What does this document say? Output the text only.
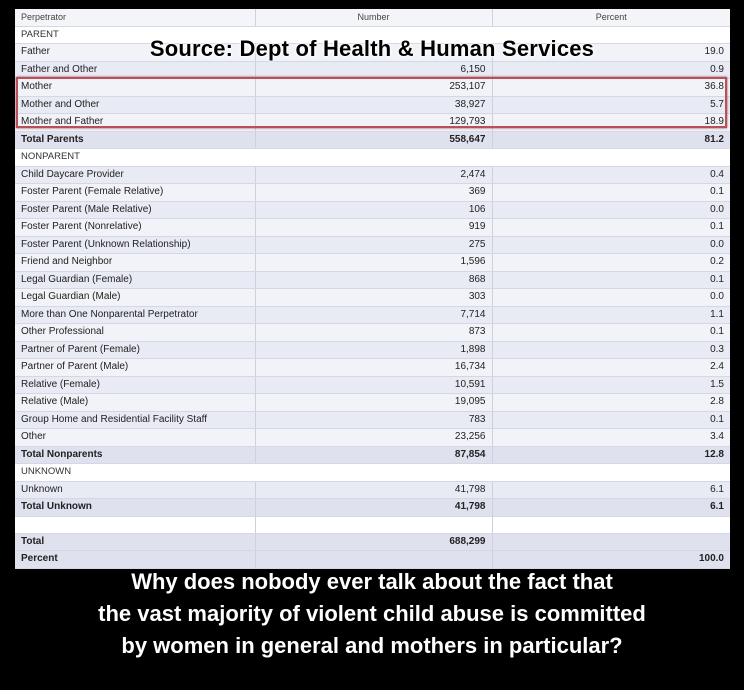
Perpetrator	Number	Percent
PARENT		
Father		19.0
Father and Other	6,150	0.9
Mother	253,107	36.8
Mother and Other	38,927	5.7
Mother and Father	129,793	18.9
Total Parents	558,647	81.2
NONPARENT		
Child Daycare Provider	2,474	0.4
Foster Parent (Female Relative)	369	0.1
Foster Parent (Male Relative)	106	0.0
Foster Parent (Nonrelative)	919	0.1
Foster Parent (Unknown Relationship)	275	0.0
Friend and Neighbor	1,596	0.2
Legal Guardian (Female)	868	0.1
Legal Guardian (Male)	303	0.0
More than One Nonparental Perpetrator	7,714	1.1
Other Professional	873	0.1
Partner of Parent (Female)	1,898	0.3
Partner of Parent (Male)	16,734	2.4
Relative (Female)	10,591	1.5
Relative (Male)	19,095	2.8
Group Home and Residential Facility Staff	783	0.1
Other	23,256	3.4
Total Nonparents	87,854	12.8
UNKNOWN		
Unknown	41,798	6.1
Total Unknown	41,798	6.1

Total	688,299	
Percent		100.0
Source: Dept of Health & Human Services
Why does nobody ever talk about the fact that
the vast majority of violent child abuse is committed
by women in general and mothers in particular?
